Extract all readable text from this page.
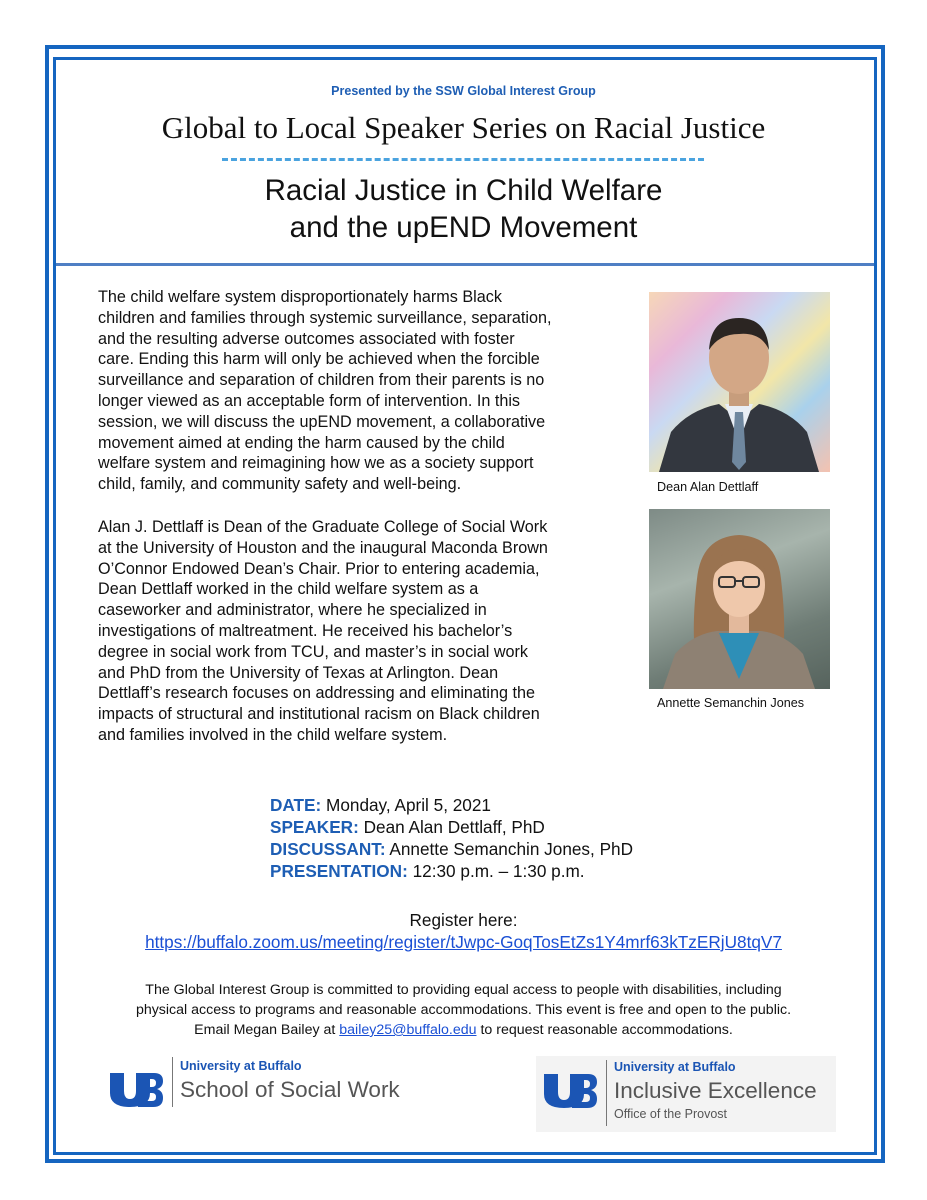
Presented by the SSW Global Interest Group
Global to Local Speaker Series on Racial Justice
Racial Justice in Child Welfare
and the upEND Movement
The child welfare system disproportionately harms Black
children and families through systemic surveillance, separation,
and the resulting adverse outcomes associated with foster
care. Ending this harm will only be achieved when the forcible
surveillance and separation of children from their parents is no
longer viewed as an acceptable form of intervention. In this
session, we will discuss the upEND movement, a collaborative
movement aimed at ending the harm caused by the child
welfare system and reimagining how we as a society support
child, family, and community safety and well-being.
Alan J. Dettlaff is Dean of the Graduate College of Social Work
at the University of Houston and the inaugural Maconda Brown
O’Connor Endowed Dean’s Chair. Prior to entering academia,
Dean Dettlaff worked in the child welfare system as a
caseworker and administrator, where he specialized in
investigations of maltreatment. He received his bachelor’s
degree in social work from TCU, and master’s in social work
and PhD from the University of Texas at Arlington. Dean
Dettlaff’s research focuses on addressing and eliminating the
impacts of structural and institutional racism on Black children
and families involved in the child welfare system.
Dean Alan Dettlaff
Annette Semanchin Jones
DATE: Monday, April 5, 2021
SPEAKER: Dean Alan Dettlaff, PhD
DISCUSSANT: Annette Semanchin Jones, PhD
PRESENTATION: 12:30 p.m. – 1:30 p.m.
Register here:
https://buffalo.zoom.us/meeting/register/tJwpc-GoqTosEtZs1Y4mrf63kTzERjU8tqV7
The Global Interest Group is committed to providing equal access to people with disabilities, including
physical access to programs and reasonable accommodations. This event is free and open to the public.
Email Megan Bailey at bailey25@buffalo.edu to request reasonable accommodations.
University at Buffalo
School of Social Work
University at Buffalo
Inclusive Excellence
Office of the Provost
